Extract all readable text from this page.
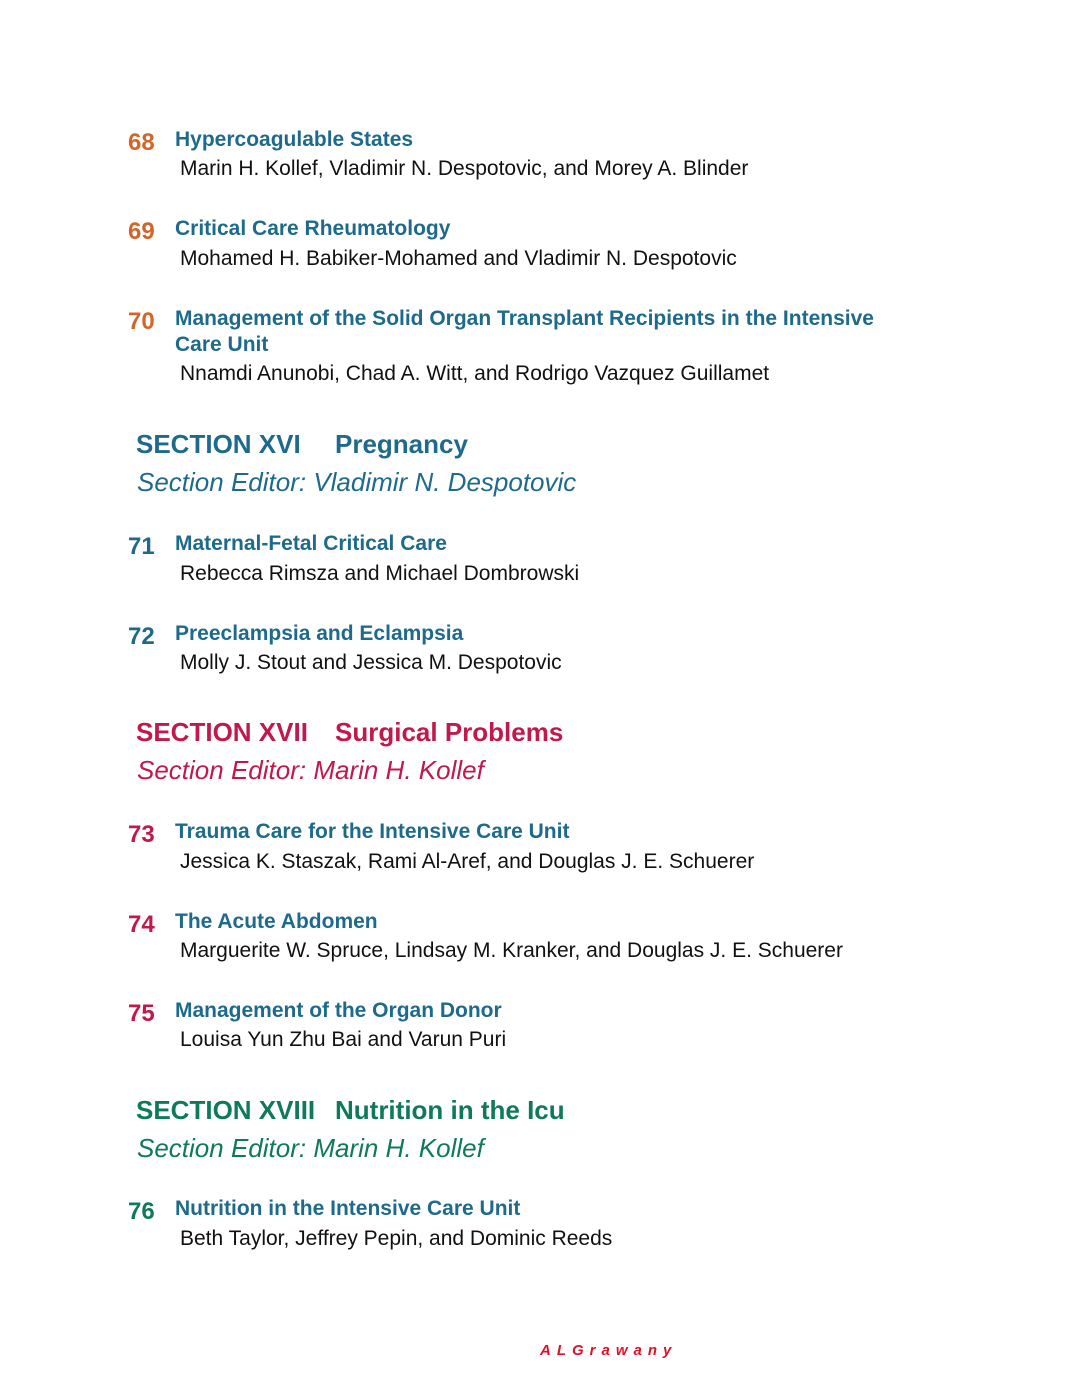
68 Hypercoagulable States
Marin H. Kollef, Vladimir N. Despotovic, and Morey A. Blinder
69 Critical Care Rheumatology
Mohamed H. Babiker-Mohamed and Vladimir N. Despotovic
70 Management of the Solid Organ Transplant Recipients in the Intensive
Care Unit
Nnamdi Anunobi, Chad A. Witt, and Rodrigo Vazquez Guillamet
SECTION XVI Pregnancy
Section Editor: Vladimir N. Despotovic
71 Maternal-Fetal Critical Care
Rebecca Rimsza and Michael Dombrowski
72 Preeclampsia and Eclampsia
Molly J. Stout and Jessica M. Despotovic
SECTION XVII Surgical Problems
Section Editor: Marin H. Kollef
73 Trauma Care for the Intensive Care Unit
Jessica K. Staszak, Rami Al-Aref, and Douglas J. E. Schuerer
74 The Acute Abdomen
Marguerite W. Spruce, Lindsay M. Kranker, and Douglas J. E. Schuerer
75 Management of the Organ Donor
Louisa Yun Zhu Bai and Varun Puri
SECTION XVIII Nutrition in the Icu
Section Editor: Marin H. Kollef
76 Nutrition in the Intensive Care Unit
Beth Taylor, Jeffrey Pepin, and Dominic Reeds
ALGrawany
